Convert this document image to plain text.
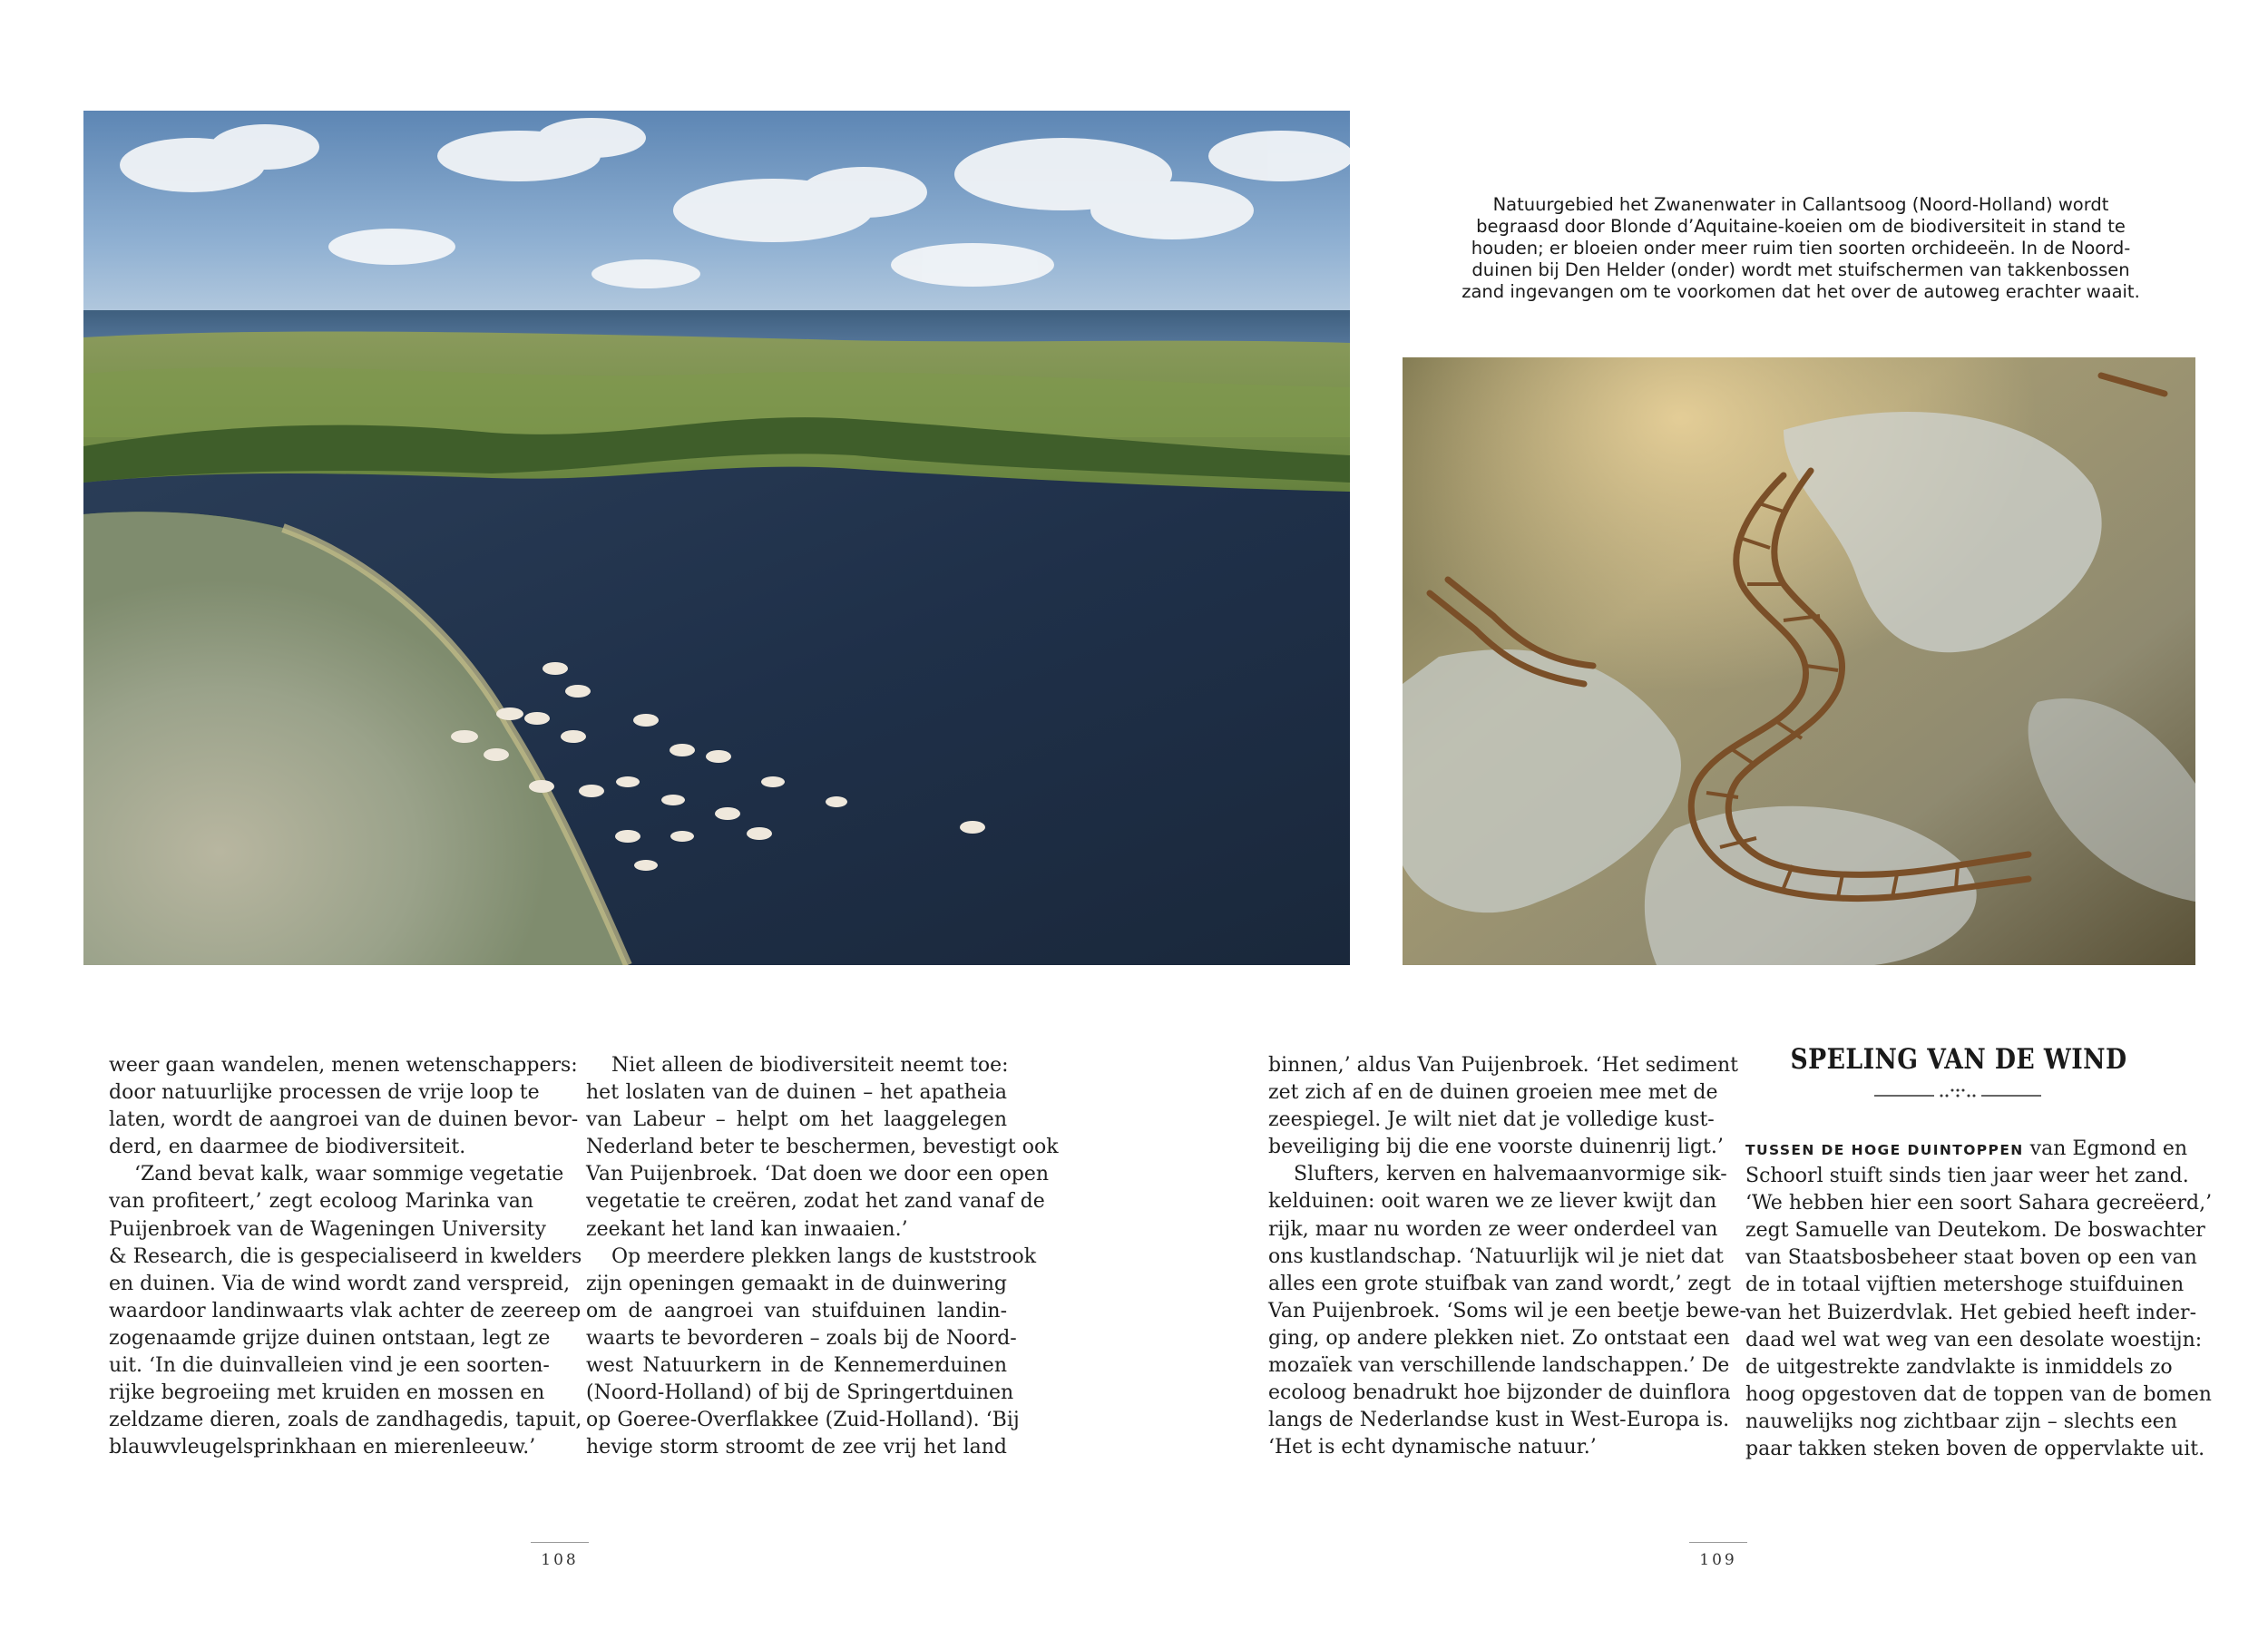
Natuurgebied het Zwanenwater in Callantsoog (Noord-Holland) wordt
begraasd door Blonde d’Aquitaine-koeien om de biodiversiteit in stand te
houden; er bloeien onder meer ruim tien soorten orchideeën. In de Noord-
duinen bij Den Helder (onder) wordt met stuifschermen van takkenbossen
zand ingevangen om te voorkomen dat het over de autoweg erachter waait.
weer gaan wandelen, menen wetenschappers:
door natuurlijke processen de vrije loop te
laten, wordt de aangroei van de duinen bevor-
derd, en daarmee de biodiversiteit.
‘Zand bevat kalk, waar sommige vegetatie
van profiteert,’ zegt ecoloog Marinka van
Puijenbroek van de Wageningen University
& Research, die is gespecialiseerd in kwelders
en duinen. Via de wind wordt zand verspreid,
waardoor landinwaarts vlak achter de zeereep
zogenaamde grijze duinen ontstaan, legt ze
uit. ‘In die duinvalleien vind je een soorten-
rijke begroeiing met kruiden en mossen en
zeldzame dieren, zoals de zandhagedis, tapuit,
blauwvleugelsprinkhaan en mierenleeuw.’
Niet alleen de biodiversiteit neemt toe:
het loslaten van de duinen – het apatheia
van Labeur – helpt om het laaggelegen
Nederland beter te beschermen, bevestigt ook
Van Puijenbroek. ‘Dat doen we door een open
vegetatie te creëren, zodat het zand vanaf de
zeekant het land kan inwaaien.’
Op meerdere plekken langs de kuststrook
zijn openingen gemaakt in de duinwering
om de aangroei van stuifduinen landin-
waarts te bevorderen – zoals bij de Noord-
west Natuurkern in de Kennemerduinen
(Noord-Holland) of bij de Springertduinen
op Goeree-Overflakkee (Zuid-Holland). ‘Bij
hevige storm stroomt de zee vrij het land
binnen,’ aldus Van Puijenbroek. ‘Het sediment
zet zich af en de duinen groeien mee met de
zeespiegel. Je wilt niet dat je volledige kust-
beveiliging bij die ene voorste duinenrij ligt.’
Slufters, kerven en halvemaanvormige sik-
kelduinen: ooit waren we ze liever kwijt dan
rijk, maar nu worden ze weer onderdeel van
ons kustlandschap. ‘Natuurlijk wil je niet dat
alles een grote stuifbak van zand wordt,’ zegt
Van Puijenbroek. ‘Soms wil je een beetje bewe-
ging, op andere plekken niet. Zo ontstaat een
mozaïek van verschillende landschappen.’ De
ecoloog benadrukt hoe bijzonder de duinflora
langs de Nederlandse kust in West-Europa is.
‘Het is echt dynamische natuur.’
SPELING VAN DE WIND
TUSSEN DE HOGE DUINTOPPEN van Egmond en
Schoorl stuift sinds tien jaar weer het zand.
‘We hebben hier een soort Sahara gecreëerd,’
zegt Samuelle van Deutekom. De boswachter
van Staatsbosbeheer staat boven op een van
de in totaal vijftien metershoge stuifduinen
van het Buizerdvlak. Het gebied heeft inder-
daad wel wat weg van een desolate woestijn:
de uitgestrekte zandvlakte is inmiddels zo
hoog opgestoven dat de toppen van de bomen
nauwelijks nog zichtbaar zijn – slechts een
paar takken steken boven de oppervlakte uit.
108	109
